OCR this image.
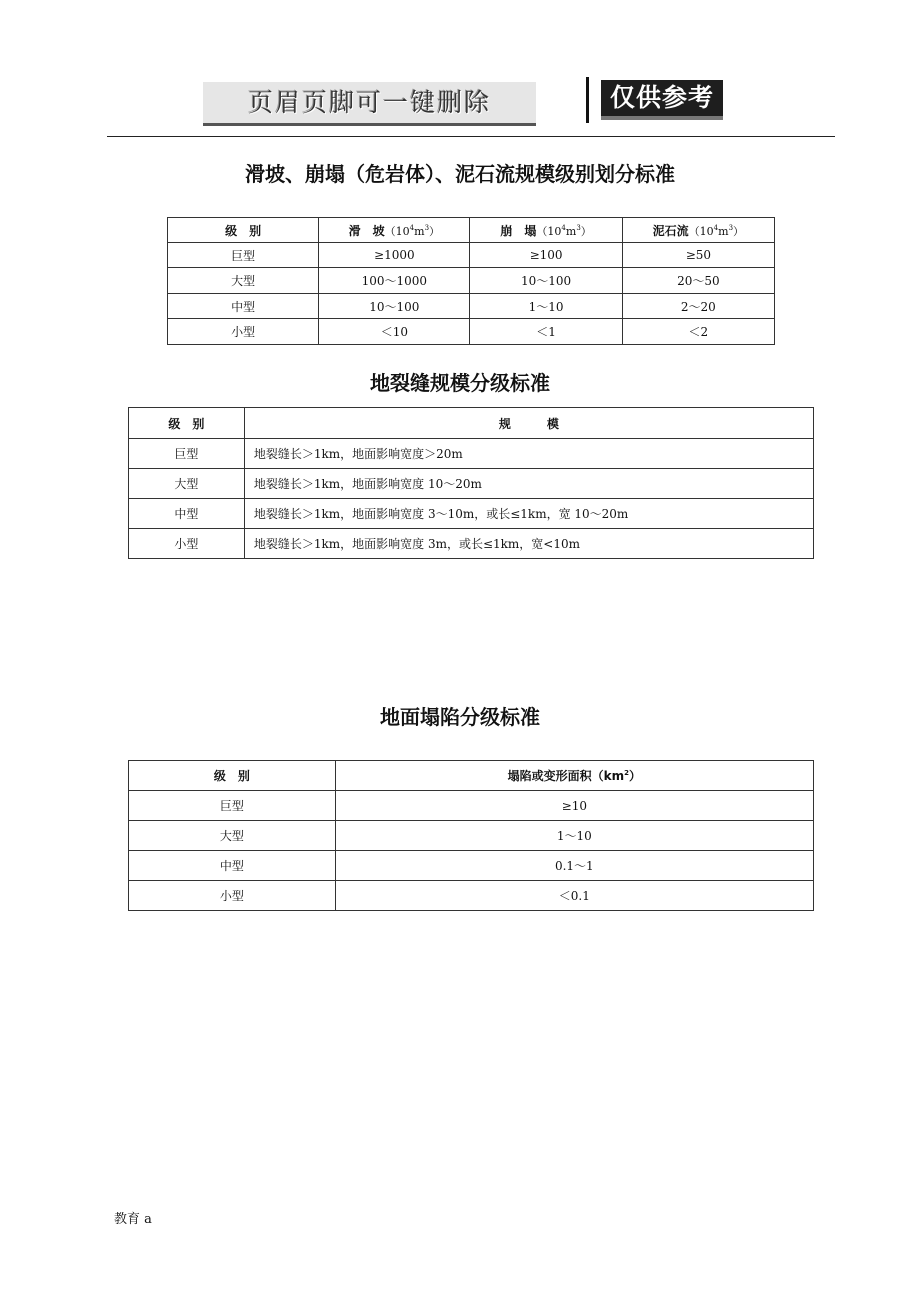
页眉页脚可一键删除	仅供参考
滑坡、崩塌（危岩体）、泥石流规模级别划分标准
级　别	滑　坡$(10^4m^3)$	崩　塌$(10^4m^3)$	泥石流$(10^4m^3)$
巨型	≥1000	≥100	≥50
大型	100～1000	10～100	20～50
中型	10～100	1～10	2～20
小型	＜10	＜1	＜2
地裂缝规模分级标准
级　别	规　　　模
巨型	地裂缝长＞1km，地面影响宽度＞20m
大型	地裂缝长＞1km，地面影响宽度 10～20m
中型	地裂缝长＞1km，地面影响宽度 3～10m，或长≤1km，宽 10～20m
小型	地裂缝长＞1km，地面影响宽度 3m，或长≤1km，宽<10m
地面塌陷分级标准
级　别	塌陷或变形面积$(km^2)$
巨型	≥10
大型	1～10
中型	0.1～1
小型	＜0.1
教育 a
